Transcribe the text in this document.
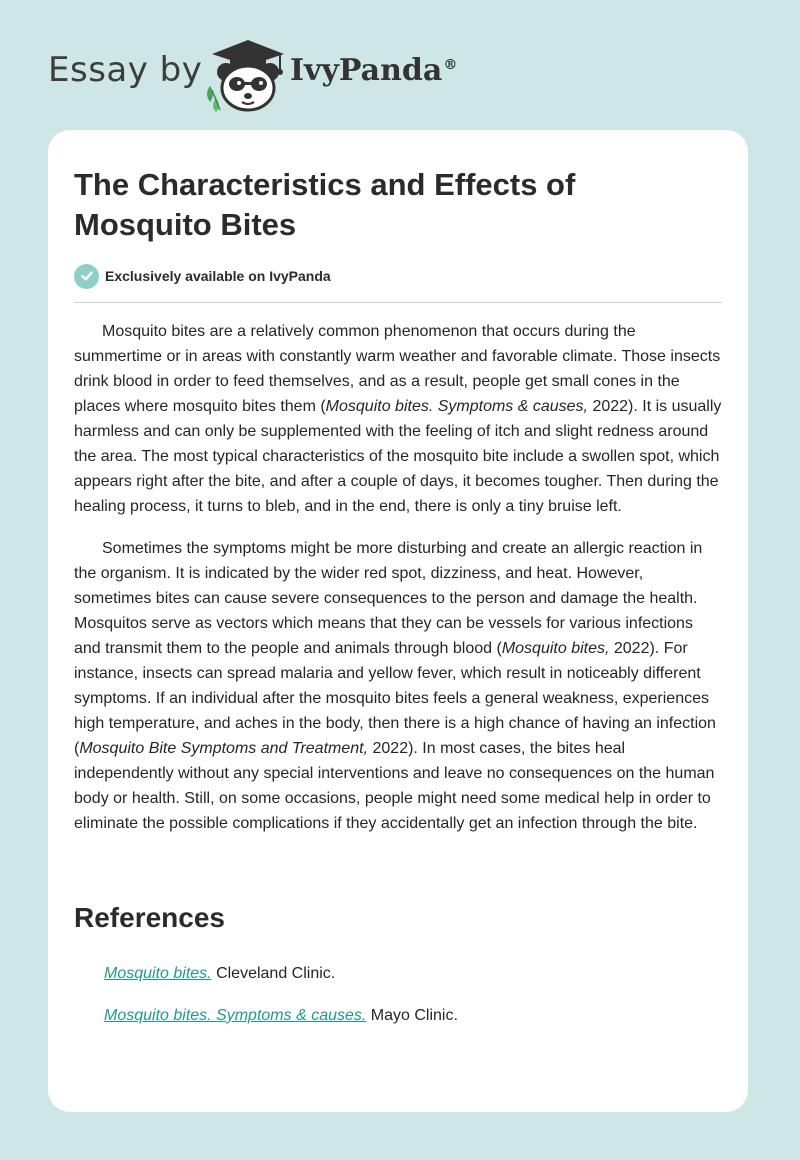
Essay by	IvyPanda®
The Characteristics and Effects of Mosquito Bites
Exclusively available on IvyPanda

Mosquito bites are a relatively common phenomenon that occurs during the summertime or in areas with constantly warm weather and favorable climate. Those insects drink blood in order to feed themselves, and as a result, people get small cones in the places where mosquito bites them (Mosquito bites. Symptoms & causes, 2022). It is usually harmless and can only be supplemented with the feeling of itch and slight redness around the area. The most typical characteristics of the mosquito bite include a swollen spot, which appears right after the bite, and after a couple of days, it becomes tougher. Then during the healing process, it turns to bleb, and in the end, there is only a tiny bruise left.

Sometimes the symptoms might be more disturbing and create an allergic reaction in the organism. It is indicated by the wider red spot, dizziness, and heat. However, sometimes bites can cause severe consequences to the person and damage the health. Mosquitos serve as vectors which means that they can be vessels for various infections and transmit them to the people and animals through blood (Mosquito bites, 2022). For instance, insects can spread malaria and yellow fever, which result in noticeably different symptoms. If an individual after the mosquito bites feels a general weakness, experiences high temperature, and aches in the body, then there is a high chance of having an infection (Mosquito Bite Symptoms and Treatment, 2022). In most cases, the bites heal independently without any special interventions and leave no consequences on the human body or health. Still, on some occasions, people might need some medical help in order to eliminate the possible complications if they accidentally get an infection through the bite.

References
Mosquito bites. Cleveland Clinic.
Mosquito bites. Symptoms & causes. Mayo Clinic.
